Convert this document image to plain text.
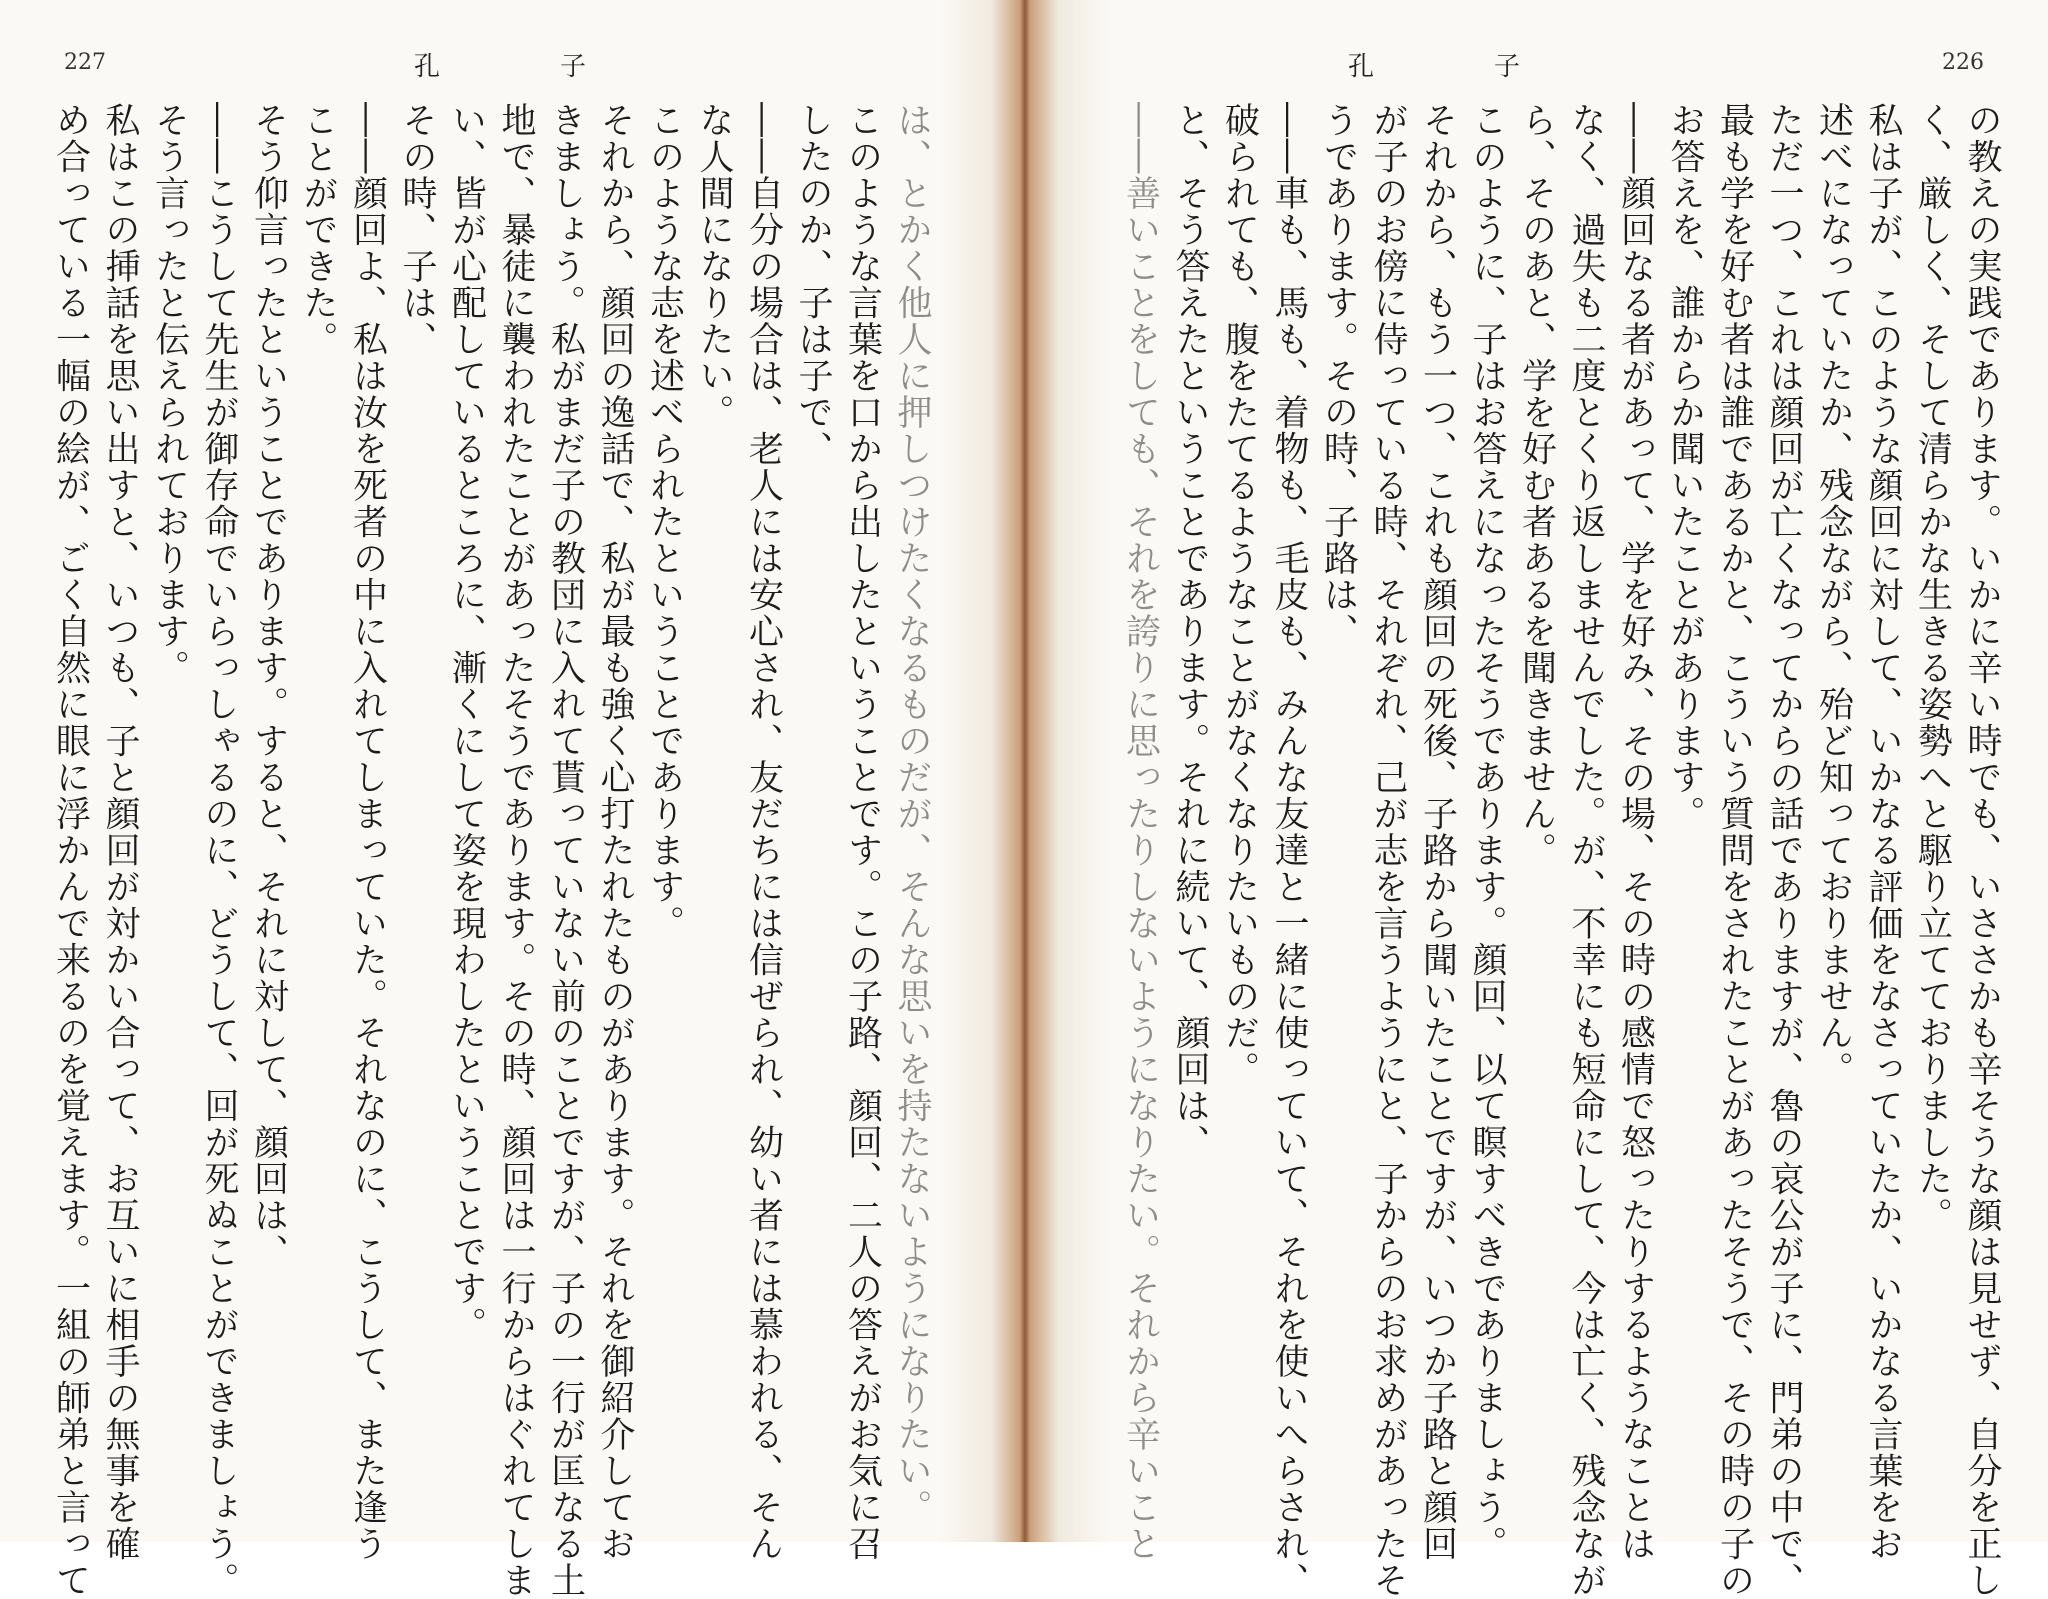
227	孔子
は、とかく他人に押しつけたくなるものだが、そんな思いを持たないようになりたい。
このような言葉を口から出したということです。この子路、顔回、二人の答えがお気に召
したのか、子は子で、
――自分の場合は、老人には安心され、友だちには信ぜられ、幼い者には慕われる、そん
な人間になりたい。
このような志を述べられたということであります。
それから、顔回の逸話で、私が最も強く心打たれたものがあります。それを御紹介してお
きましょう。私がまだ子の教団に入れて貰っていない前のことですが、子の一行が匡なる土
地で、暴徒に襲われたことがあったそうであります。その時、顔回は一行からはぐれてしま
い、皆が心配しているところに、漸くにして姿を現わしたということです。
その時、子は、
――顔回よ、私は汝を死者の中に入れてしまっていた。それなのに、こうして、また逢う
ことができた。
そう仰言ったということであります。すると、それに対して、顔回は、
――こうして先生が御存命でいらっしゃるのに、どうして、回が死ぬことができましょう。
そう言ったと伝えられております。
私はこの挿話を思い出すと、いつも、子と顔回が対かい合って、お互いに相手の無事を確
め合っている一幅の絵が、ごく自然に眼に浮かんで来るのを覚えます。一組の師弟と言って
226
孔子
の教えの実践であります。いかに辛い時でも、いささかも辛そうな顔は見せず、自分を正し
く、厳しく、そして清らかな生きる姿勢へと駆り立てておりました。
私は子が、このような顔回に対して、いかなる評価をなさっていたか、いかなる言葉をお
述べになっていたか、残念ながら、殆ど知っておりません。
ただ一つ、これは顔回が亡くなってからの話でありますが、魯の哀公が子に、門弟の中で、
最も学を好む者は誰であるかと、こういう質問をされたことがあったそうで、その時の子の
お答えを、誰からか聞いたことがあります。
――顔回なる者があって、学を好み、その場、その時の感情で怒ったりするようなことは
なく、過失も二度とくり返しませんでした。が、不幸にも短命にして、今は亡く、残念なが
ら、そのあと、学を好む者あるを聞きません。
このように、子はお答えになったそうであります。顔回、以て瞑すべきでありましょう。
それから、もう一つ、これも顔回の死後、子路から聞いたことですが、いつか子路と顔回
が子のお傍に侍っている時、それぞれ、己が志を言うようにと、子からのお求めがあったそ
うであります。その時、子路は、
――車も、馬も、着物も、毛皮も、みんな友達と一緒に使っていて、それを使いへらされ、
破られても、腹をたてるようなことがなくなりたいものだ。
と、そう答えたということであります。それに続いて、顔回は、
――善いことをしても、それを誇りに思ったりしないようになりたい。それから辛いこと
